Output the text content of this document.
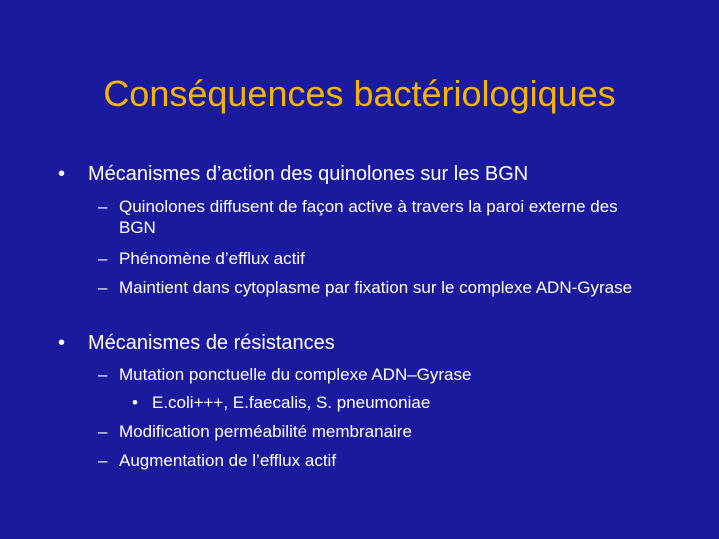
Conséquences bactériologiques
• Mécanismes d’action des quinolones sur les BGN
– Quinolones diffusent de façon active à travers la paroi externe des BGN
– Phénomène d’efflux actif
– Maintient dans cytoplasme par fixation sur le complexe ADN-Gyrase
• Mécanismes de résistances
– Mutation ponctuelle du complexe ADN–Gyrase
• E.coli+++, E.faecalis, S. pneumoniae
– Modification perméabilité membranaire
– Augmentation de l’efflux actif
